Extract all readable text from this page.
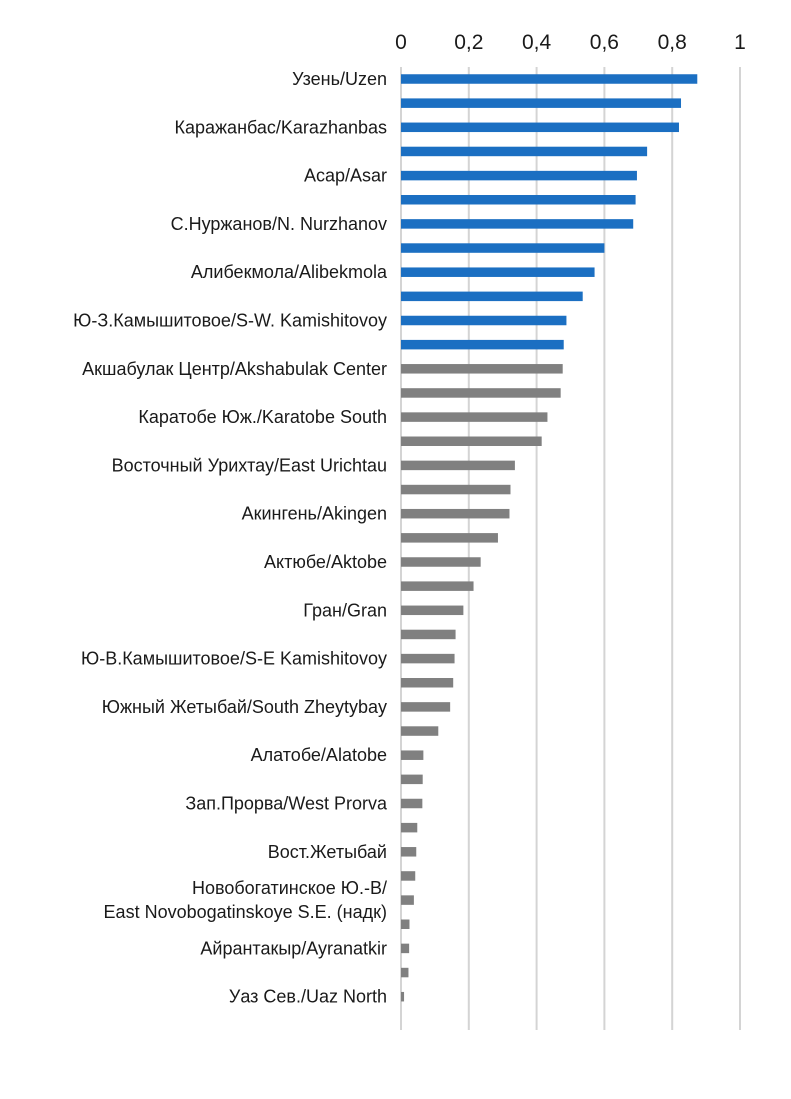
0 0,2 0,4 0,6 0,8 1
Узень/Uzen
Каражанбас/Karazhanbas
Асар/Asar
С.Нуржанов/N. Nurzhanov
Алибекмола/Alibekmola
Ю-З.Камышитовое/S-W. Kamishitovoy
Акшабулак Центр/Akshabulak Center
Каратобе Юж./Karatobe South
Восточный Урихтау/East Urichtau
Акингень/Akingen
Актюбе/Aktobe
Гран/Gran
Ю-В.Камышитовое/S-E Kamishitovoy
Южный Жетыбай/South Zheytybay
Алатобе/Alatobe
Зап.Прорва/West Prorva
Вост.Жетыбай
Новобогатинское Ю.-В/ East Novobogatinskoye S.E. (надк)
Айрантакыр/Ayranatkir
Уаз Сев./Uaz North
